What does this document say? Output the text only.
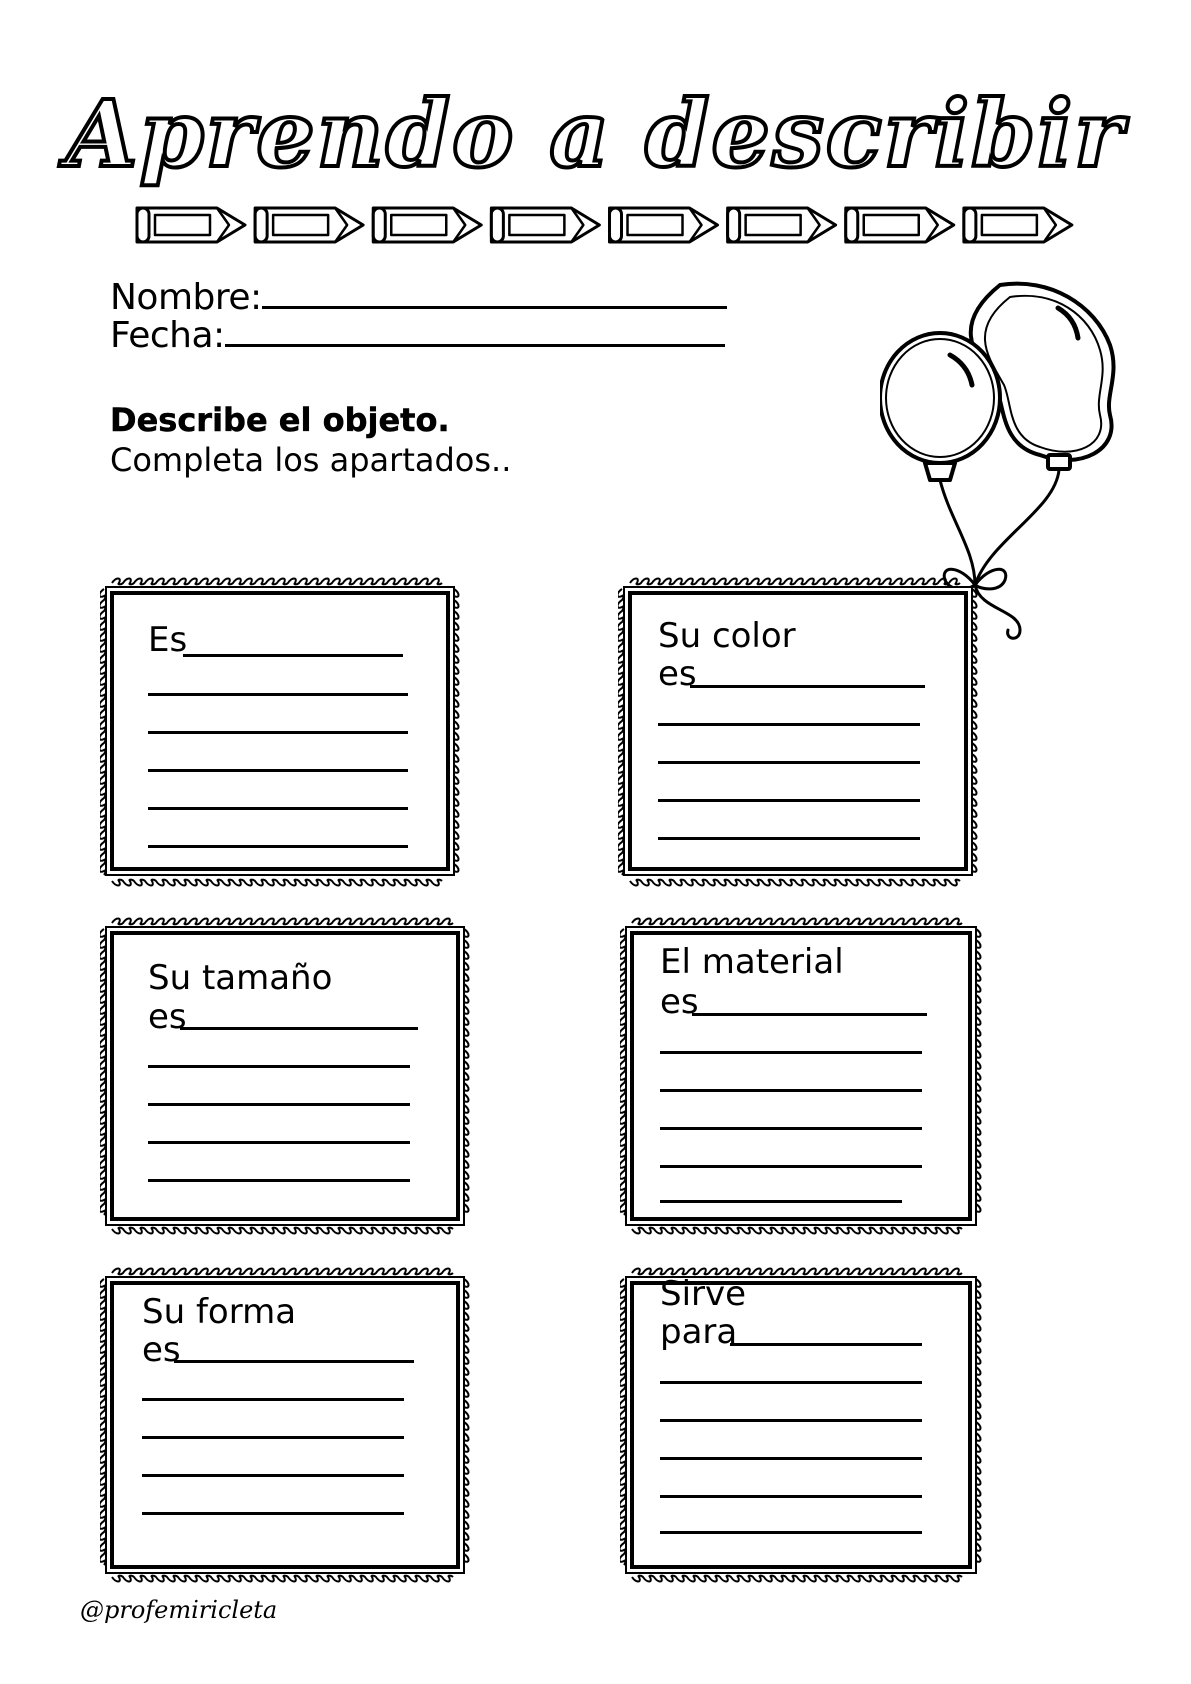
Aprendo a describir
Nombre:
Fecha:
Describe el objeto.
Completa los apartados..
Es	Su color
es
Su tamaño
es
El material
es
Su forma
es
Sirve
para
@profemiricleta
